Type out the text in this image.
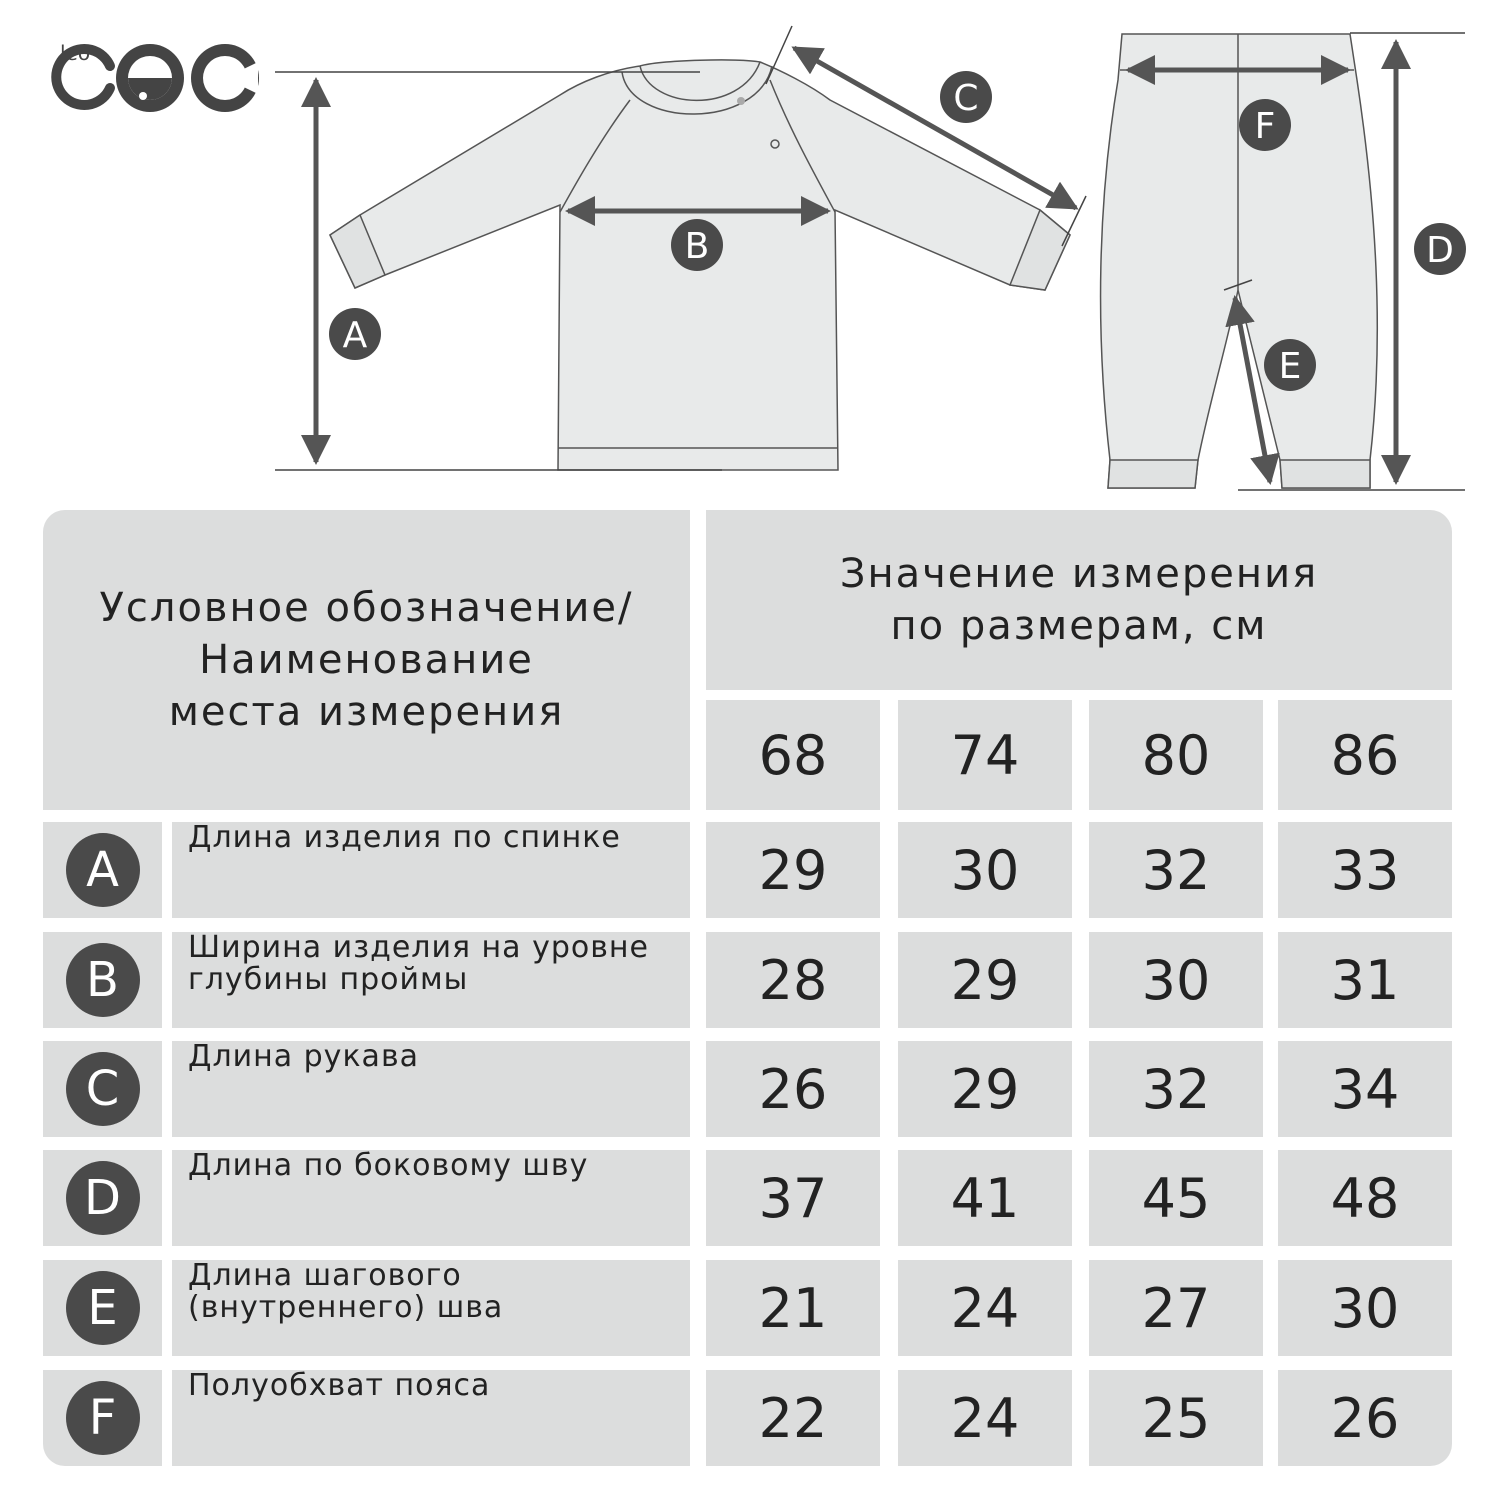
leo
A
B
C
D
E
F
Условное обозначение/
Наименование
места измерения
Значение измерения
по размерам, см
68 74 80 86
A
Длина изделия по спинке
29 30 32 33
B
Ширина изделия на уровне
глубины проймы	28 29 30 31
C
Длина рукава
26 29 32 34
D
Длина по боковому шву
37 41 45 48
E
Длина шагового
(внутреннего) шва	21 24 27 30
F
Полуобхват пояса
22 24 25 26
